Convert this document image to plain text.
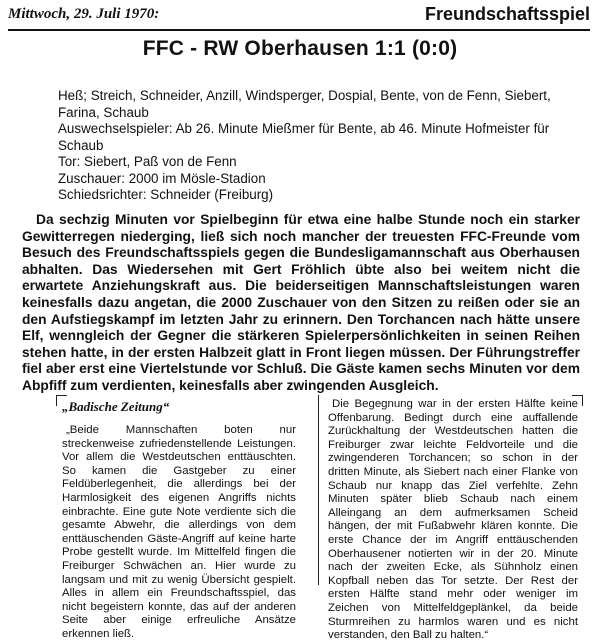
Mittwoch, 29. Juli 1970:	Freundschaftsspiel
FFC - RW Oberhausen 1:1 (0:0)

Heß; Streich, Schneider, Anzill, Windsperger, Dospial, Bente, von de Fenn, Siebert, Farina, Schaub

Auswechselspieler: Ab 26. Minute Mießmer für Bente, ab 46. Minute Hofmeister für Schaub

Tor: Siebert, Paß von de Fenn

Zuschauer: 2000 im Mösle-Stadion

Schiedsrichter: Schneider (Freiburg)

Da sechzig Minuten vor Spielbeginn für etwa eine halbe Stunde noch ein starker Gewitterregen niederging, ließ sich noch mancher der treuesten FFC-Freunde vom Besuch des Freundschaftsspiels gegen die Bundesligamannschaft aus Oberhausen abhalten. Das Wiedersehen mit Gert Fröhlich übte also bei weitem nicht die erwartete Anziehungskraft aus. Die beiderseitigen Mannschaftsleistungen waren keinesfalls dazu angetan, die 2000 Zuschauer von den Sitzen zu reißen oder sie an den Aufstiegskampf im letzten Jahr zu erinnern. Den Torchancen nach hätte unsere Elf, wenngleich der Gegner die stärkeren Spielerpersönlichkeiten in seinen Reihen stehen hatte, in der ersten Halbzeit glatt in Front liegen müssen. Der Führungstreffer fiel aber erst eine Viertelstunde vor Schluß. Die Gäste kamen sechs Minuten vor dem Abpfiff zum verdienten, keinesfalls aber zwingenden Ausgleich.

„Badische Zeitung“

„Beide Mannschaften boten nur streckenweise zufriedenstellende Leistungen. Vor allem die Westdeutschen enttäuschten. So kamen die Gastgeber zu einer Feldüberlegenheit, die allerdings bei der Harmlosigkeit des eigenen Angriffs nichts einbrachte. Eine gute Note verdiente sich die gesamte Abwehr, die allerdings von dem enttäuschenden Gäste-Angriff auf keine harte Probe gestellt wurde. Im Mittelfeld fingen die Freiburger Schwächen an. Hier wurde zu langsam und mit zu wenig Übersicht gespielt. Alles in allem ein Freundschaftsspiel, das nicht begeistern konnte, das auf der anderen Seite aber einige erfreuliche Ansätze erkennen ließ.

Die Begegnung war in der ersten Hälfte keine Offenbarung. Bedingt durch eine auffallende Zurückhaltung der Westdeutschen hatten die Freiburger zwar leichte Feldvorteile und die zwingenderen Torchancen; so schon in der dritten Minute, als Siebert nach einer Flanke von Schaub nur knapp das Ziel verfehlte. Zehn Minuten später blieb Schaub nach einem Alleingang an dem aufmerksamen Scheid hängen, der mit Fußabwehr klären konnte. Die erste Chance der im Angriff enttäuschenden Oberhausener notierten wir in der 20. Minute nach der zweiten Ecke, als Sühnholz einen Kopfball neben das Tor setzte. Der Rest der ersten Hälfte stand mehr oder weniger im Zeichen von Mittelfeldgeplänkel, da beide Sturmreihen zu harmlos waren und es nicht verstanden, den Ball zu halten.“
